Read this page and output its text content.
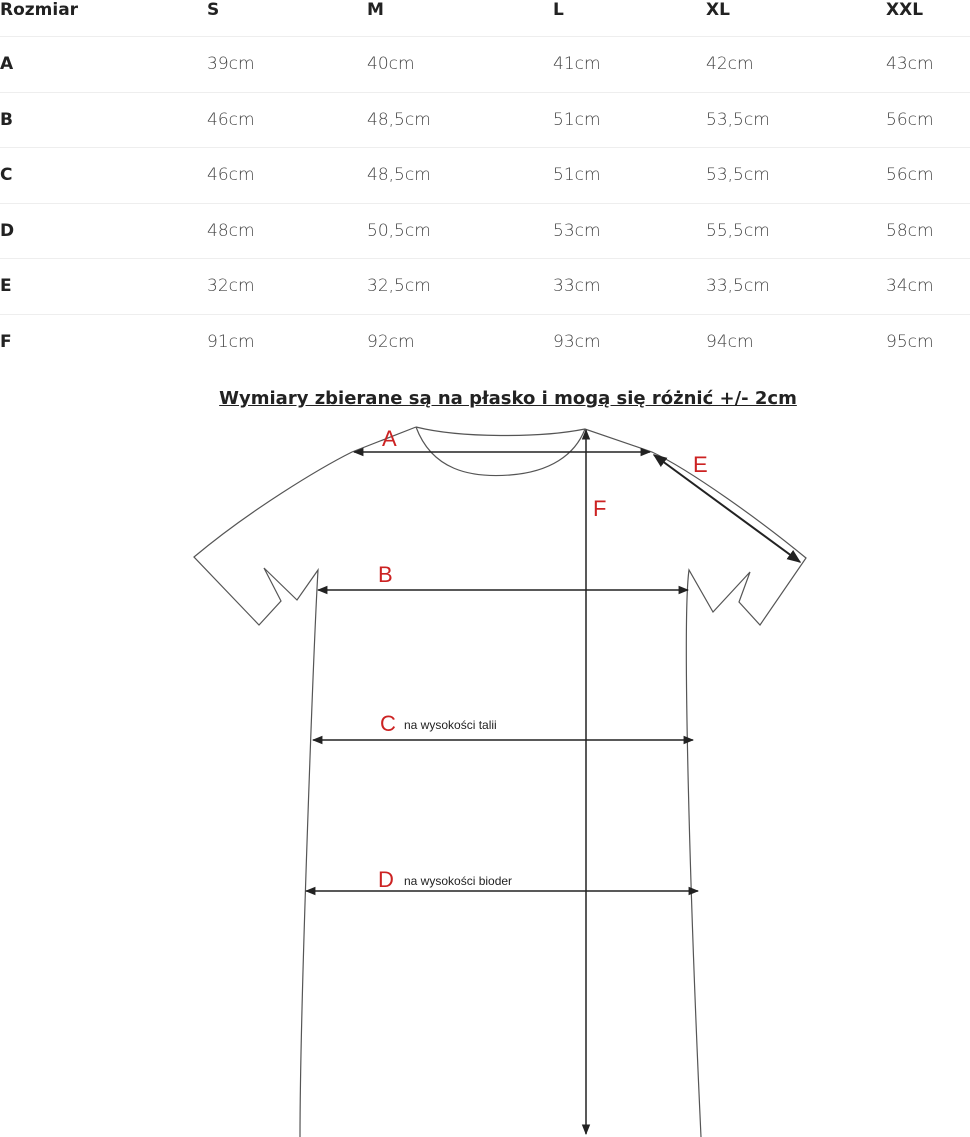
Rozmiar	S	M	L	XL	XXL
A	39cm	40cm	41cm	42cm	43cm
B	46cm	48,5cm	51cm	53,5cm	56cm
C	46cm	48,5cm	51cm	53,5cm	56cm
D	48cm	50,5cm	53cm	55,5cm	58cm
E	32cm	32,5cm	33cm	33,5cm	34cm
F	91cm	92cm	93cm	94cm	95cm
Wymiary zbierane są na płasko i mogą się różnić +/- 2cm
A
B
C na wysokości talii
D na wysokości bioder
E
F
